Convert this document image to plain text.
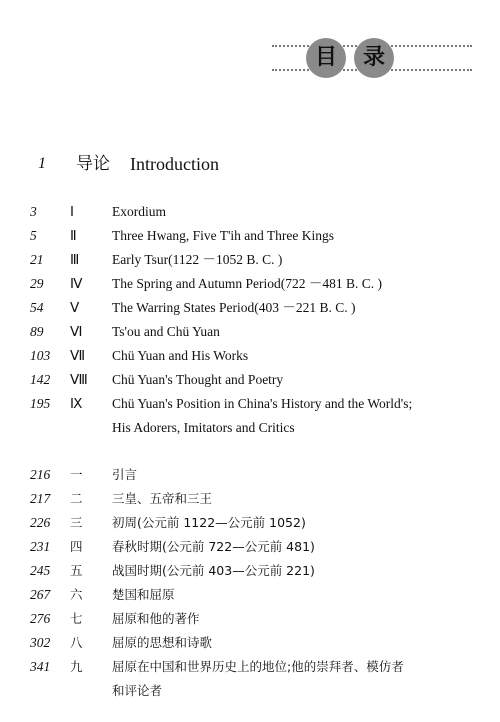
目	录
1 导论 Introduction
3	Ⅰ	Exordium
5	Ⅱ	Three Hwang, Five T'ih and Three Kings
21	Ⅲ	Early Tsur(1122 －1052 B. C. )
29	Ⅳ	The Spring and Autumn Period(722 －481 B. C. )
54	Ⅴ	The Warring States Period(403 －221 B. C. )
89	Ⅵ	Ts'ou and Chü Yuan
103	Ⅶ	Chü Yuan and His Works
142	Ⅷ	Chü Yuan's Thought and Poetry
195	Ⅸ	Chü Yuan's Position in China's History and the World's;
His Adorers, Imitators and Critics
216	一	引言
217	二	三皇、五帝和三王
226	三	初周(公元前 1122—公元前 1052)
231	四	春秋时期(公元前 722—公元前 481)
245	五	战国时期(公元前 403—公元前 221)
267	六	楚国和屈原
276	七	屈原和他的著作
302	八	屈原的思想和诗歌
341	九	屈原在中国和世界历史上的地位;他的崇拜者、模仿者
和评论者
